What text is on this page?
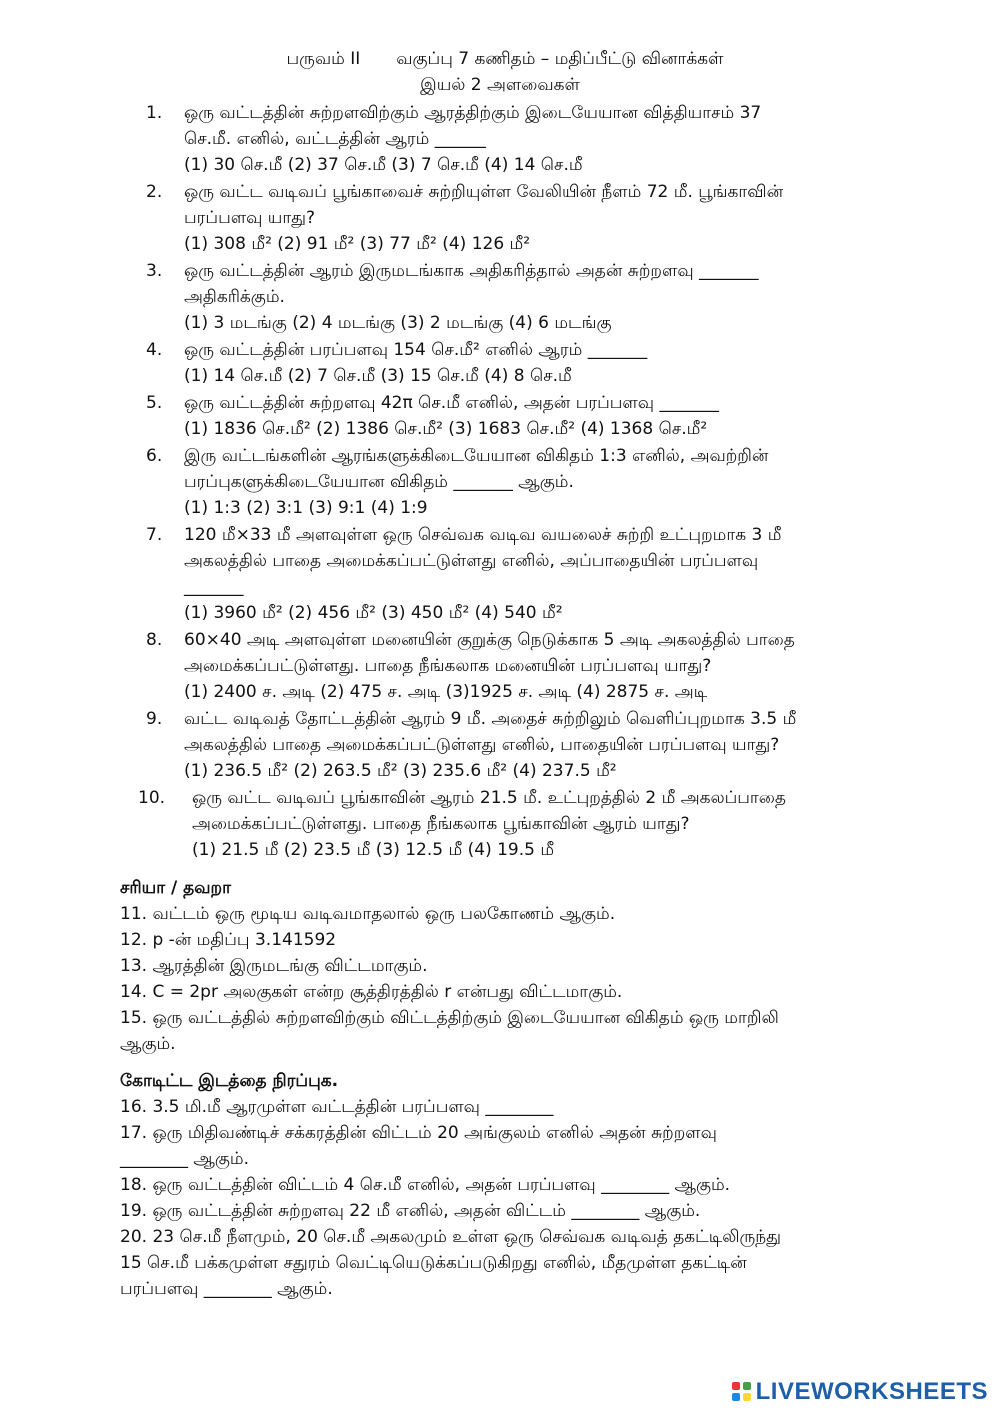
பருவம் II வகுப்பு 7 கணிதம் – மதிப்பீட்டு வினாக்கள்
இயல் 2 அளவைகள்
1.	ஒரு வட்டத்தின் சுற்றளவிற்கும் ஆரத்திற்கும் இடையேயான வித்தியாசம் 37
செ.மீ. எனில், வட்டத்தின் ஆரம் ______
(1) 30 செ.மீ (2) 37 செ.மீ (3) 7 செ.மீ (4) 14 செ.மீ
2.	ஒரு வட்ட வடிவப் பூங்காவைச் சுற்றியுள்ள வேலியின் நீளம் 72 மீ. பூங்காவின்
பரப்பளவு யாது?
(1) 308 மீ² (2) 91 மீ² (3) 77 மீ² (4) 126 மீ²
3.	ஒரு வட்டத்தின் ஆரம் இருமடங்காக அதிகரித்தால் அதன் சுற்றளவு _______
அதிகரிக்கும்.
(1) 3 மடங்கு (2) 4 மடங்கு (3) 2 மடங்கு (4) 6 மடங்கு
4.	ஒரு வட்டத்தின் பரப்பளவு 154 செ.மீ² எனில் ஆரம் _______
(1) 14 செ.மீ (2) 7 செ.மீ (3) 15 செ.மீ (4) 8 செ.மீ
5.	ஒரு வட்டத்தின் சுற்றளவு 42π செ.மீ எனில், அதன் பரப்பளவு _______
(1) 1836 செ.மீ² (2) 1386 செ.மீ² (3) 1683 செ.மீ² (4) 1368 செ.மீ²
6.	இரு வட்டங்களின் ஆரங்களுக்கிடையேயான விகிதம் 1:3 எனில், அவற்றின்
பரப்புகளுக்கிடையேயான விகிதம் _______ ஆகும்.
(1) 1:3 (2) 3:1 (3) 9:1 (4) 1:9
7.	120 மீ×33 மீ அளவுள்ள ஒரு செவ்வக வடிவ வயலைச் சுற்றி உட்புறமாக 3 மீ
அகலத்தில் பாதை அமைக்கப்பட்டுள்ளது எனில், அப்பாதையின் பரப்பளவு
_______
(1) 3960 மீ² (2) 456 மீ² (3) 450 மீ² (4) 540 மீ²
8.	60×40 அடி அளவுள்ள மனையின் குறுக்கு நெடுக்காக 5 அடி அகலத்தில் பாதை
அமைக்கப்பட்டுள்ளது. பாதை நீங்கலாக மனையின் பரப்பளவு யாது?
(1) 2400 ச. அடி (2) 475 ச. அடி (3)1925 ச. அடி (4) 2875 ச. அடி
9.	வட்ட வடிவத் தோட்டத்தின் ஆரம் 9 மீ. அதைச் சுற்றிலும் வெளிப்புறமாக 3.5 மீ
அகலத்தில் பாதை அமைக்கப்பட்டுள்ளது எனில், பாதையின் பரப்பளவு யாது?
(1) 236.5 மீ² (2) 263.5 மீ² (3) 235.6 மீ² (4) 237.5 மீ²
10.	ஒரு வட்ட வடிவப் பூங்காவின் ஆரம் 21.5 மீ. உட்புறத்தில் 2 மீ அகலப்பாதை
அமைக்கப்பட்டுள்ளது. பாதை நீங்கலாக பூங்காவின் ஆரம் யாது?
(1) 21.5 மீ (2) 23.5 மீ (3) 12.5 மீ (4) 19.5 மீ
சரியா / தவறா
11. வட்டம் ஒரு மூடிய வடிவமாதலால் ஒரு பலகோணம் ஆகும்.
12. p -ன் மதிப்பு 3.141592
13. ஆரத்தின் இருமடங்கு விட்டமாகும்.
14. C = 2pr அலகுகள் என்ற சூத்திரத்தில் r என்பது விட்டமாகும்.
15. ஒரு வட்டத்தில் சுற்றளவிற்கும் விட்டத்திற்கும் இடையேயான விகிதம் ஒரு மாறிலி
ஆகும்.
கோடிட்ட இடத்தை நிரப்புக.
16. 3.5 மி.மீ ஆரமுள்ள வட்டத்தின் பரப்பளவு ________
17. ஒரு மிதிவண்டிச் சக்கரத்தின் விட்டம் 20 அங்குலம் எனில் அதன் சுற்றளவு
________ ஆகும்.
18. ஒரு வட்டத்தின் விட்டம் 4 செ.மீ எனில், அதன் பரப்பளவு ________ ஆகும்.
19. ஒரு வட்டத்தின் சுற்றளவு 22 மீ எனில், அதன் விட்டம் ________ ஆகும்.
20. 23 செ.மீ நீளமும், 20 செ.மீ அகலமும் உள்ள ஒரு செவ்வக வடிவத் தகட்டிலிருந்து
15 செ.மீ பக்கமுள்ள சதுரம் வெட்டியெடுக்கப்படுகிறது எனில், மீதமுள்ள தகட்டின்
பரப்பளவு ________ ஆகும்.
LIVEWORKSHEETS
